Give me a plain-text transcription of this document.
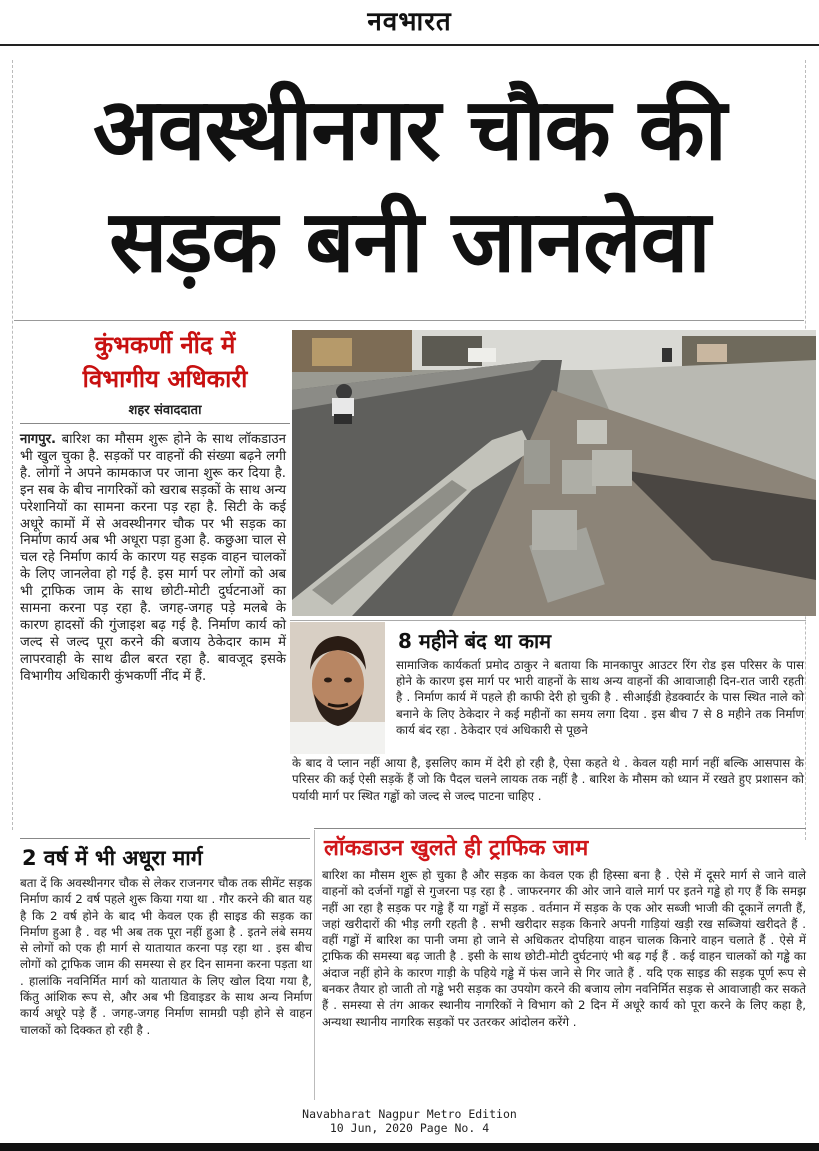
नवभारत
अवस्थीनगर चौक की
सड़क बनी जानलेवा
कुंभकर्णी नींद में
विभागीय अधिकारी
शहर संवाददाता
नागपुर. बारिश का मौसम शुरू होने के साथ लॉकडाउन भी खुल चुका है. सड़कों पर वाहनों की संख्या बढ़ने लगी है. लोगों ने अपने कामकाज पर जाना शुरू कर दिया है. इन सब के बीच नागरिकों को खराब सड़कों के साथ अन्य परेशानियों का सामना करना पड़ रहा है. सिटी के कई अधूरे कामों में से अवस्थीनगर चौक पर भी सड़क का निर्माण कार्य अब भी अधूरा पड़ा हुआ है. कछुआ चाल से चल रहे निर्माण कार्य के कारण यह सड़क वाहन चालकों के लिए जानलेवा हो गई है. इस मार्ग पर लोगों को अब भी ट्राफिक जाम के साथ छोटी-मोटी दुर्घटनाओं का सामना करना पड़ रहा है. जगह-जगह पड़े मलबे के कारण हादसों की गुंजाइश बढ़ गई है. निर्माण कार्य को जल्द से जल्द पूरा करने की बजाय ठेकेदार काम में लापरवाही के साथ ढील बरत रहा है. बावजूद इसके विभागीय अधिकारी कुंभकर्णी नींद में हैं.
8 महीने बंद था काम
सामाजिक कार्यकर्ता प्रमोद ठाकुर ने बताया कि मानकापुर आउटर रिंग रोड इस परिसर के पास होने के कारण इस मार्ग पर भारी वाहनों के साथ अन्य वाहनों की आवाजाही दिन-रात जारी रहती है . निर्माण कार्य में पहले ही काफी देरी हो चुकी है . सीआईडी हेडक्वार्टर के पास स्थित नाले को बनाने के लिए ठेकेदार ने कई महीनों का समय लगा दिया . इस बीच 7 से 8 महीने तक निर्माण कार्य बंद रहा . ठेकेदार एवं अधिकारी से पूछने
के बाद वे प्लान नहीं आया है, इसलिए काम में देरी हो रही है, ऐसा कहते थे . केवल यही मार्ग नहीं बल्कि आसपास के परिसर की कई ऐसी सड़कें हैं जो कि पैदल चलने लायक तक नहीं है . बारिश के मौसम को ध्यान में रखते हुए प्रशासन को पर्यायी मार्ग पर स्थित गड्ढों को जल्द से जल्द पाटना चाहिए .
2 वर्ष में भी अधूरा मार्ग
बता दें कि अवस्थीनगर चौक से लेकर राजनगर चौक तक सीमेंट सड़क निर्माण कार्य 2 वर्ष पहले शुरू किया गया था . गौर करने की बात यह है कि 2 वर्ष होने के बाद भी केवल एक ही साइड की सड़क का निर्माण हुआ है . वह भी अब तक पूरा नहीं हुआ है . इतने लंबे समय से लोगों को एक ही मार्ग से यातायात करना पड़ रहा था . इस बीच लोगों को ट्राफिक जाम की समस्या से हर दिन सामना करना पड़ता था . हालांकि नवनिर्मित मार्ग को यातायात के लिए खोल दिया गया है, किंतु आंशिक रूप से, और अब भी डिवाइडर के साथ अन्य निर्माण कार्य अधूरे पड़े हैं . जगह-जगह निर्माण सामग्री पड़ी होने से वाहन चालकों को दिक्कत हो रही है .
लॉकडाउन खुलते ही ट्राफिक जाम
बारिश का मौसम शुरू हो चुका है और सड़क का केवल एक ही हिस्सा बना है . ऐसे में दूसरे मार्ग से जाने वाले वाहनों को दर्जनों गड्ढों से गुजरना पड़ रहा है . जाफरनगर की ओर जाने वाले मार्ग पर इतने गड्ढे हो गए हैं कि समझ नहीं आ रहा है सड़क पर गड्ढे हैं या गड्ढों में सड़क . वर्तमान में सड़क के एक ओर सब्जी भाजी की दूकानें लगती हैं, जहां खरीदारों की भीड़ लगी रहती है . सभी खरीदार सड़क किनारे अपनी गाड़ियां खड़ी रख सब्जियां खरीदते हैं . वहीं गड्ढों में बारिश का पानी जमा हो जाने से अधिकतर दोपहिया वाहन चालक किनारे वाहन चलाते हैं . ऐसे में ट्राफिक की समस्या बढ़ जाती है . इसी के साथ छोटी-मोटी दुर्घटनाएं भी बढ़ गई हैं . कई वाहन चालकों को गड्ढे का अंदाज नहीं होने के कारण गाड़ी के पहिये गड्ढे में फंस जाने से गिर जाते हैं . यदि एक साइड की सड़क पूर्ण रूप से बनकर तैयार हो जाती तो गड्ढे भरी सड़क का उपयोग करने की बजाय लोग नवनिर्मित सड़क से आवाजाही कर सकते हैं . समस्या से तंग आकर स्थानीय नागरिकों ने विभाग को 2 दिन में अधूरे कार्य को पूरा करने के लिए कहा है, अन्यथा स्थानीय नागरिक सड़कों पर उतरकर आंदोलन करेंगे .
Navabharat Nagpur Metro Edition
10 Jun, 2020 Page No. 4
